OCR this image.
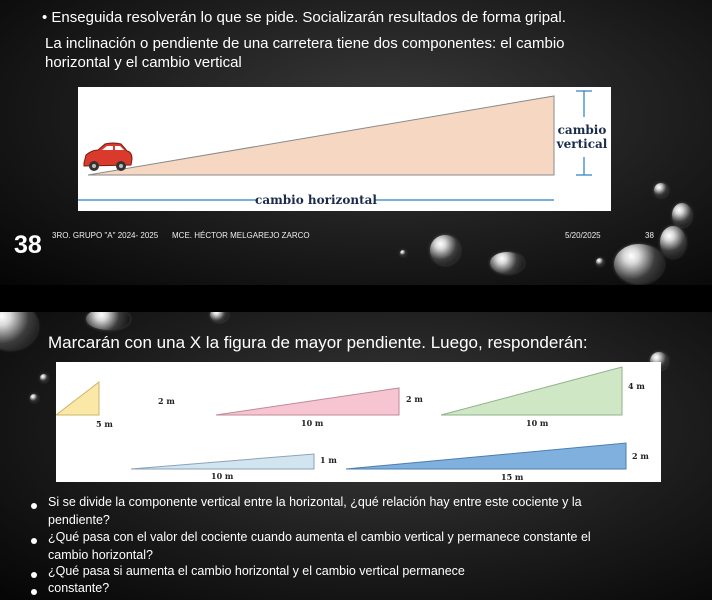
• Enseguida resolverán lo que se pide. Socializarán resultados de forma gripal.

La inclinación o pendiente de una carretera tiene dos componentes: el cambio

horizontal y el cambio vertical

cambio
vertical
cambio horizontal

38 3RO. GRUPO "A" 2024- 2025 MCE. HÉCTOR MELGAREJO ZARCO	5/20/2025	38

Marcarán con una X la figura de mayor pendiente. Luego, responderán:

2 m
5 m
2 m
10 m
4 m
10 m
1 m
10 m
2 m
15 m

Si se divide la componente vertical entre la horizontal, ¿qué relación hay entre este cociente y la

pendiente?

¿Qué pasa con el valor del cociente cuando aumenta el cambio vertical y permanece constante el

cambio horizontal?

¿Qué pasa si aumenta el cambio horizontal y el cambio vertical permanece

constante?
